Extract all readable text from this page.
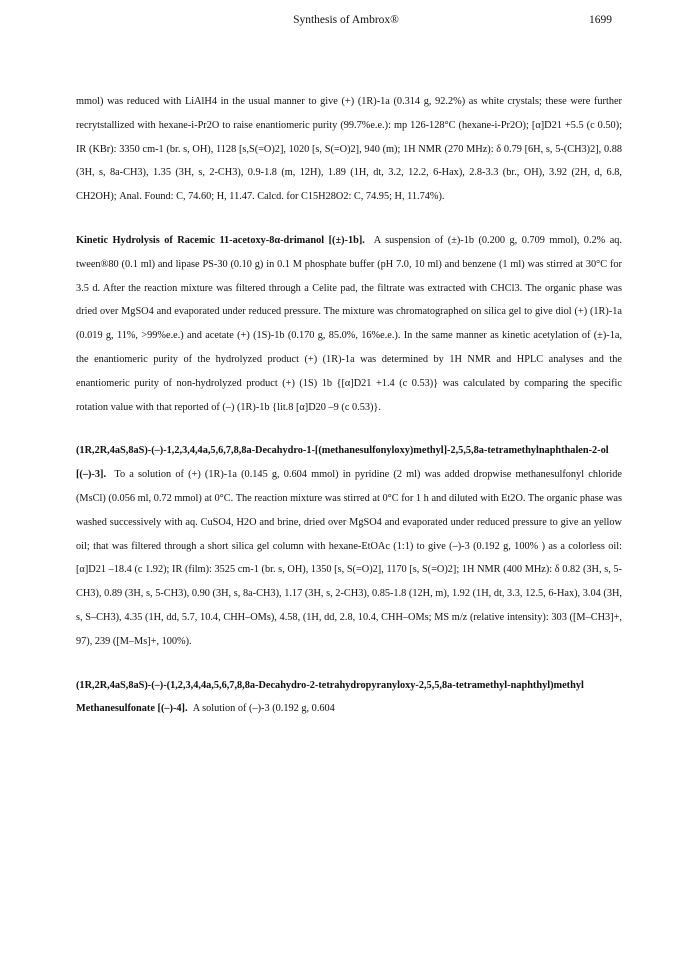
Synthesis of Ambrox®	1699

mmol) was reduced with LiAlH4 in the usual manner to give (+) (1R)-1a (0.314 g, 92.2%) as white crystals; these were further recrytstallized with hexane-i-Pr2O to raise enantiomeric purity (99.7%e.e.): mp 126-128°C (hexane-i-Pr2O); [α]D21 +5.5 (c 0.50); IR (KBr): 3350 cm-1 (br. s, OH), 1128 [s,S(=O)2], 1020 [s, S(=O)2], 940 (m); 1H NMR (270 MHz): δ 0.79 [6H, s, 5-(CH3)2], 0.88 (3H, s, 8a-CH3), 1.35 (3H, s, 2-CH3), 0.9-1.8 (m, 12H), 1.89 (1H, dt, 3.2, 12.2, 6-Hax), 2.8-3.3 (br., OH), 3.92 (2H, d, 6.8, CH2OH); Anal. Found: C, 74.60; H, 11.47. Calcd. for C15H28O2: C, 74.95; H, 11.74%).

Kinetic Hydrolysis of Racemic 11-acetoxy-8α-drimanol [(±)-1b]. A suspension of (±)-1b (0.200 g, 0.709 mmol), 0.2% aq. tween®80 (0.1 ml) and lipase PS-30 (0.10 g) in 0.1 M phosphate buffer (pH 7.0, 10 ml) and benzene (1 ml) was stirred at 30°C for 3.5 d. After the reaction mixture was filtered through a Celite pad, the filtrate was extracted with CHCl3. The organic phase was dried over MgSO4 and evaporated under reduced pressure. The mixture was chromatographed on silica gel to give diol (+) (1R)-1a (0.019 g, 11%, >99%e.e.) and acetate (+) (1S)-1b (0.170 g, 85.0%, 16%e.e.). In the same manner as kinetic acetylation of (±)-1a, the enantiomeric purity of the hydrolyzed product (+) (1R)-1a was determined by 1H NMR and HPLC analyses and the enantiomeric purity of non-hydrolyzed product (+) (1S) 1b {[α]D21 +1.4 (c 0.53)} was calculated by comparing the specific rotation value with that reported of (–) (1R)-1b {lit.8 [α]D20 –9 (c 0.53)}.

(1R,2R,4aS,8aS)-(–)-1,2,3,4,4a,5,6,7,8,8a-Decahydro-1-[(methanesulfonyloxy)methyl]-2,5,5,8a-tetramethylnaphthalen-2-ol [(–)-3]. To a solution of (+) (1R)-1a (0.145 g, 0.604 mmol) in pyridine (2 ml) was added dropwise methanesulfonyl chloride (MsCl) (0.056 ml, 0.72 mmol) at 0°C. The reaction mixture was stirred at 0°C for 1 h and diluted with Et2O. The organic phase was washed successively with aq. CuSO4, H2O and brine, dried over MgSO4 and evaporated under reduced pressure to give an yellow oil; that was filtered through a short silica gel column with hexane-EtOAc (1:1) to give (–)-3 (0.192 g, 100% ) as a colorless oil: [α]D21 –18.4 (c 1.92); IR (film): 3525 cm-1 (br. s, OH), 1350 [s, S(=O)2], 1170 [s, S(=O)2]; 1H NMR (400 MHz): δ 0.82 (3H, s, 5-CH3), 0.89 (3H, s, 5-CH3), 0.90 (3H, s, 8a-CH3), 1.17 (3H, s, 2-CH3), 0.85-1.8 (12H, m), 1.92 (1H, dt, 3.3, 12.5, 6-Hax), 3.04 (3H, s, S–CH3), 4.35 (1H, dd, 5.7, 10.4, CHH–OMs), 4.58, (1H, dd, 2.8, 10.4, CHH–OMs; MS m/z (relative intensity): 303 ([M–CH3]+, 97), 239 ([M–Ms]+, 100%).

(1R,2R,4aS,8aS)-(–)-(1,2,3,4,4a,5,6,7,8,8a-Decahydro-2-tetrahydropyranyloxy-2,5,5,8a-tetramethyl-naphthyl)methyl Methanesulfonate [(–)-4]. A solution of (–)-3 (0.192 g, 0.604
